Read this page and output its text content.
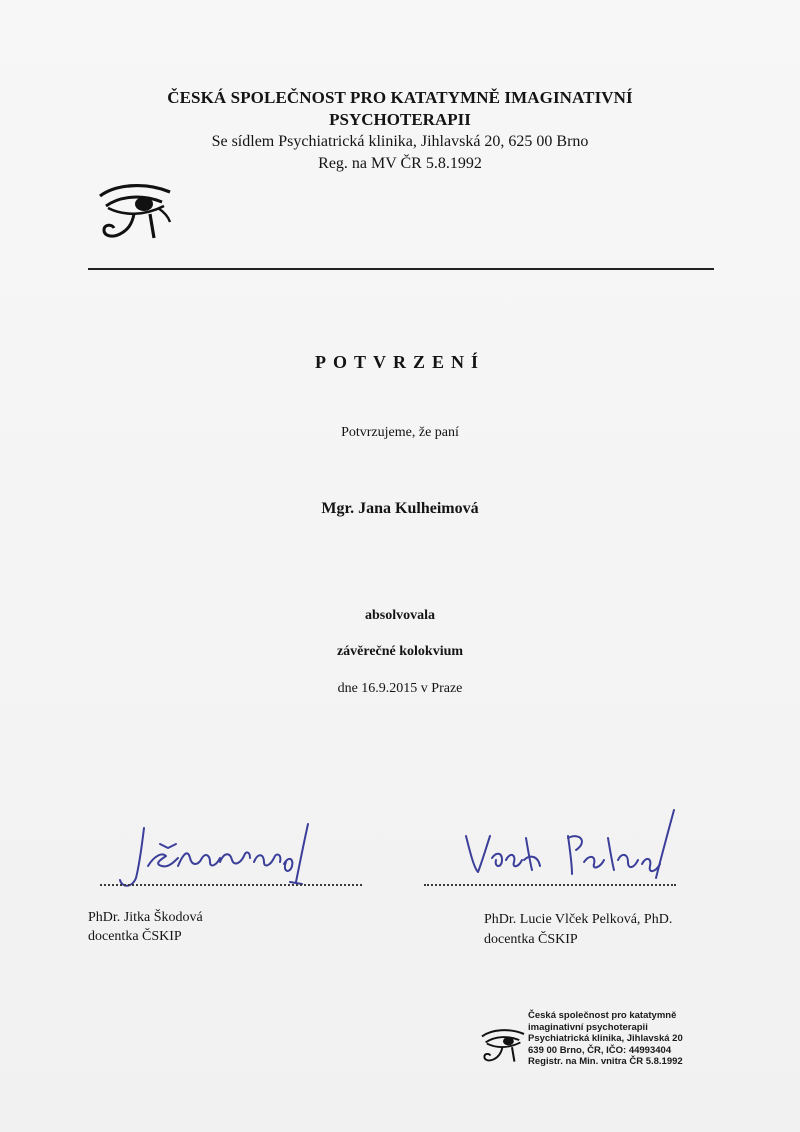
ČESKÁ SPOLEČNOST PRO KATATYMNĚ IMAGINATIVNÍ
PSYCHOTERAPII
Se sídlem Psychiatrická klinika, Jihlavská 20, 625 00 Brno
Reg. na MV ČR 5.8.1992
POTVRZENÍ
Potvrzujeme, že paní
Mgr. Jana Kulheimová
absolvovala
závěrečné kolokvium
dne 16.9.2015 v Praze
PhDr. Jitka Škodová
docentka ČSKIP
PhDr. Lucie Vlček Pelková, PhD.
docentka ČSKIP
Česká společnost pro katatymně
imaginativní psychoterapii
Psychiatrická klinika, Jihlavská 20
639 00 Brno, ČR, IČO: 44993404
Registr. na Min. vnitra ČR 5.8.1992
